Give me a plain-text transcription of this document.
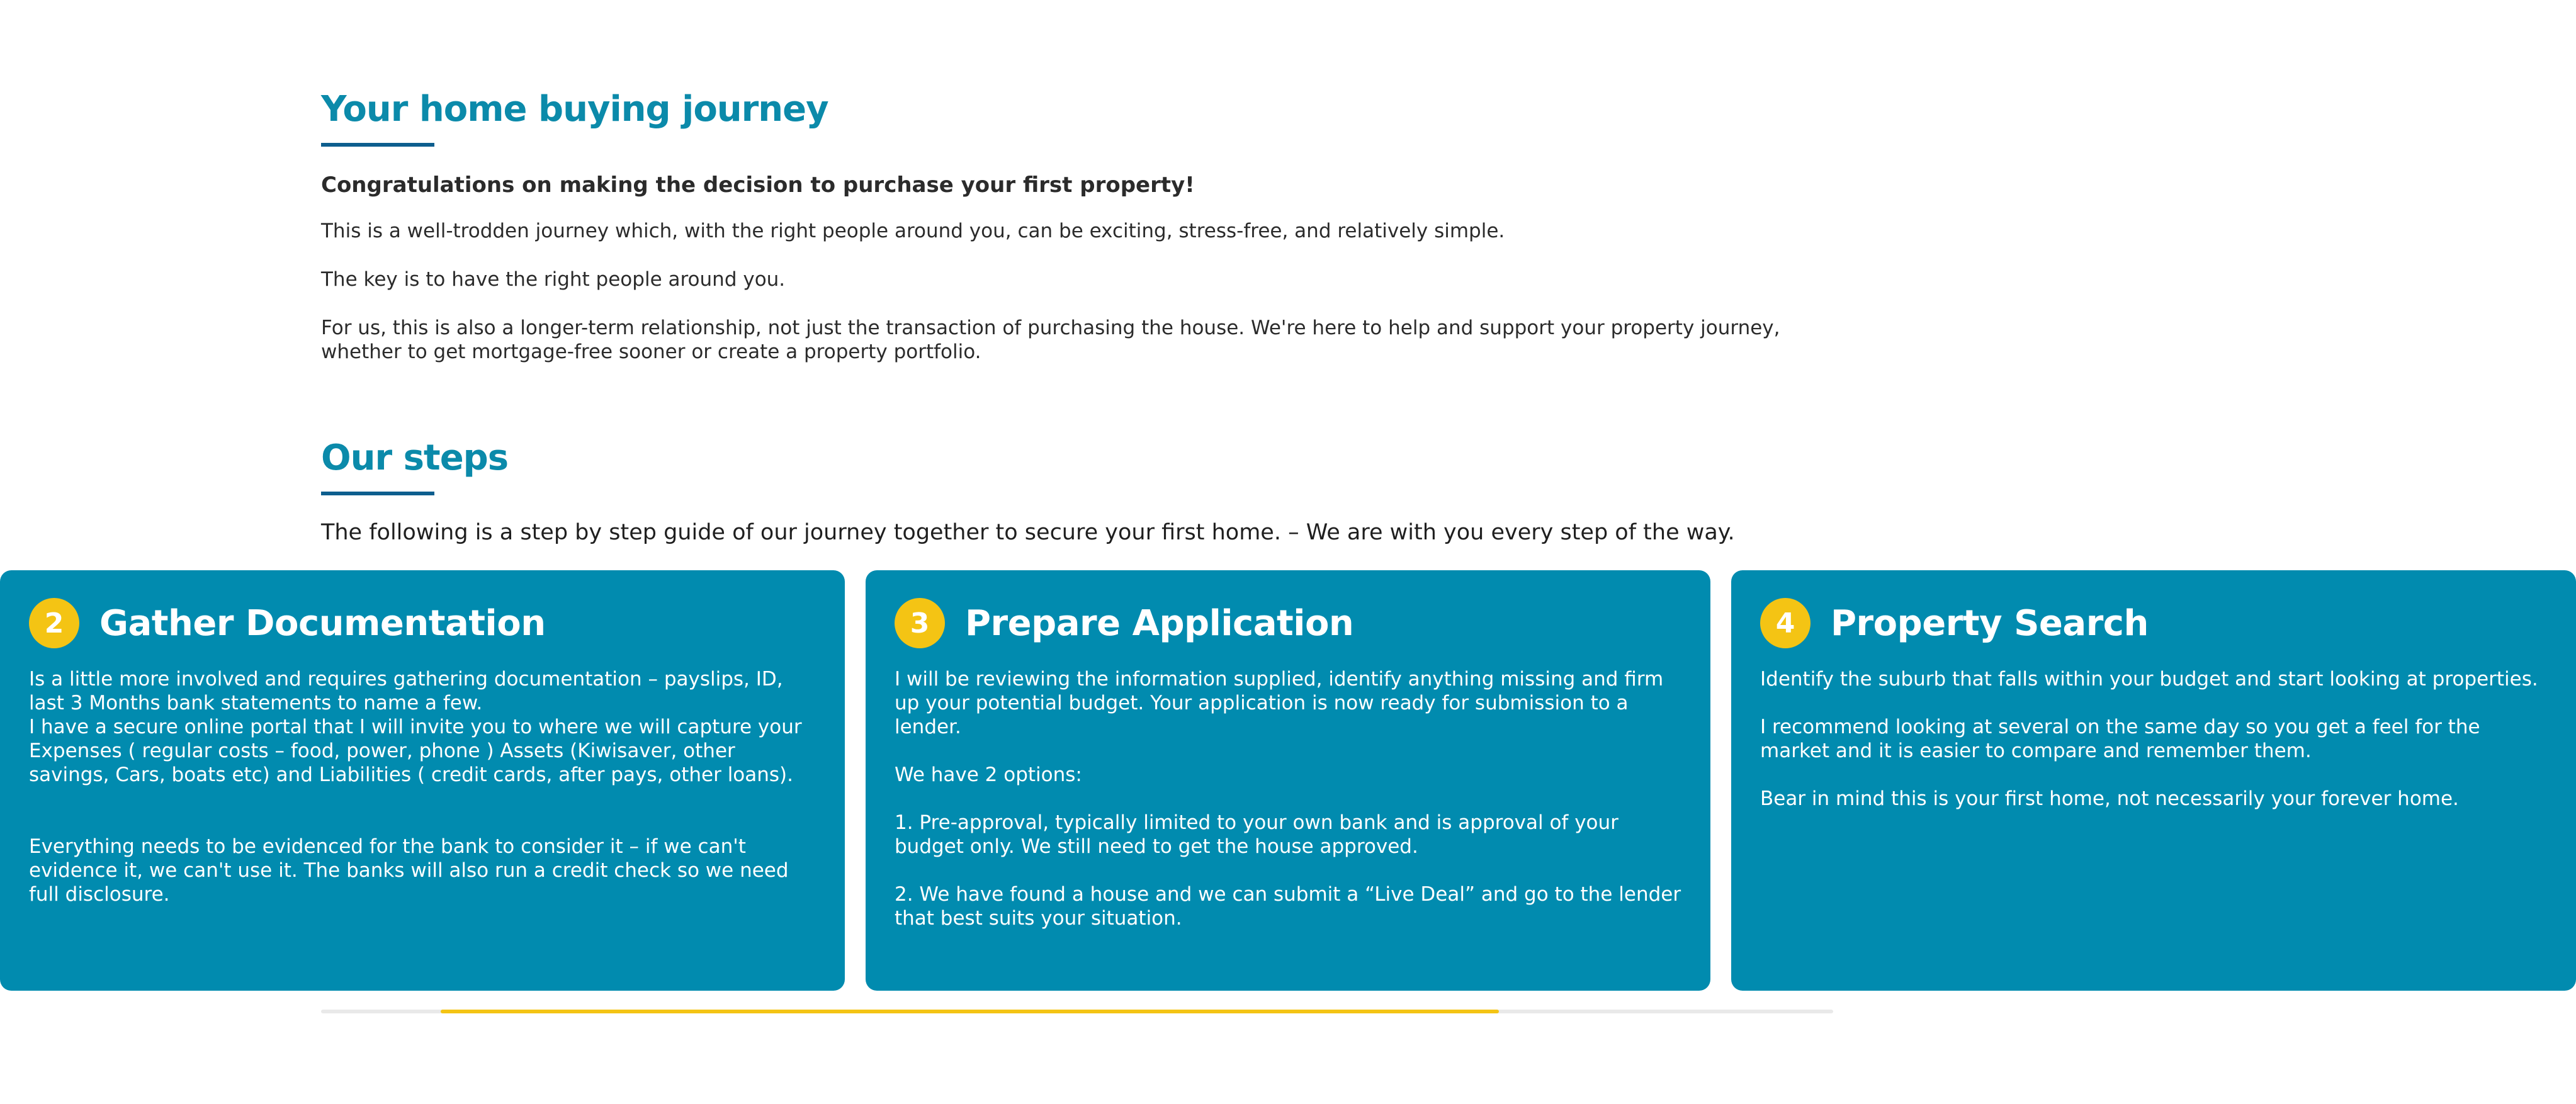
Your home buying journey

Congratulations on making the decision to purchase your first property!

This is a well-trodden journey which, with the right people around you, can be exciting, stress-free, and relatively simple.

The key is to have the right people around you.

For us, this is also a longer-term relationship, not just the transaction of purchasing the house. We're here to help and support your property journey, whether to get mortgage-free sooner or create a property portfolio.

Our steps

The following is a step by step guide of our journey together to secure your first home. – We are with you every step of the way.

2	Gather Documentation

Is a little more involved and requires gathering documentation – payslips, ID, last 3 Months bank statements to name a few.
I have a secure online portal that I will invite you to where we will capture your Expenses ( regular costs – food, power, phone ) Assets (Kiwisaver, other savings, Cars, boats etc) and Liabilities ( credit cards, after pays, other loans).

Everything needs to be evidenced for the bank to consider it – if we can't evidence it, we can't use it. The banks will also run a credit check so we need full disclosure.

3	Prepare Application

I will be reviewing the information supplied, identify anything missing and firm up your potential budget. Your application is now ready for submission to a lender.

We have 2 options:

1. Pre-approval, typically limited to your own bank and is approval of your budget only. We still need to get the house approved.

2. We have found a house and we can submit a “Live Deal” and go to the lender that best suits your situation.

4	Property Search

Identify the suburb that falls within your budget and start looking at properties.

I recommend looking at several on the same day so you get a feel for the market and it is easier to compare and remember them.

Bear in mind this is your first home, not necessarily your forever home.
